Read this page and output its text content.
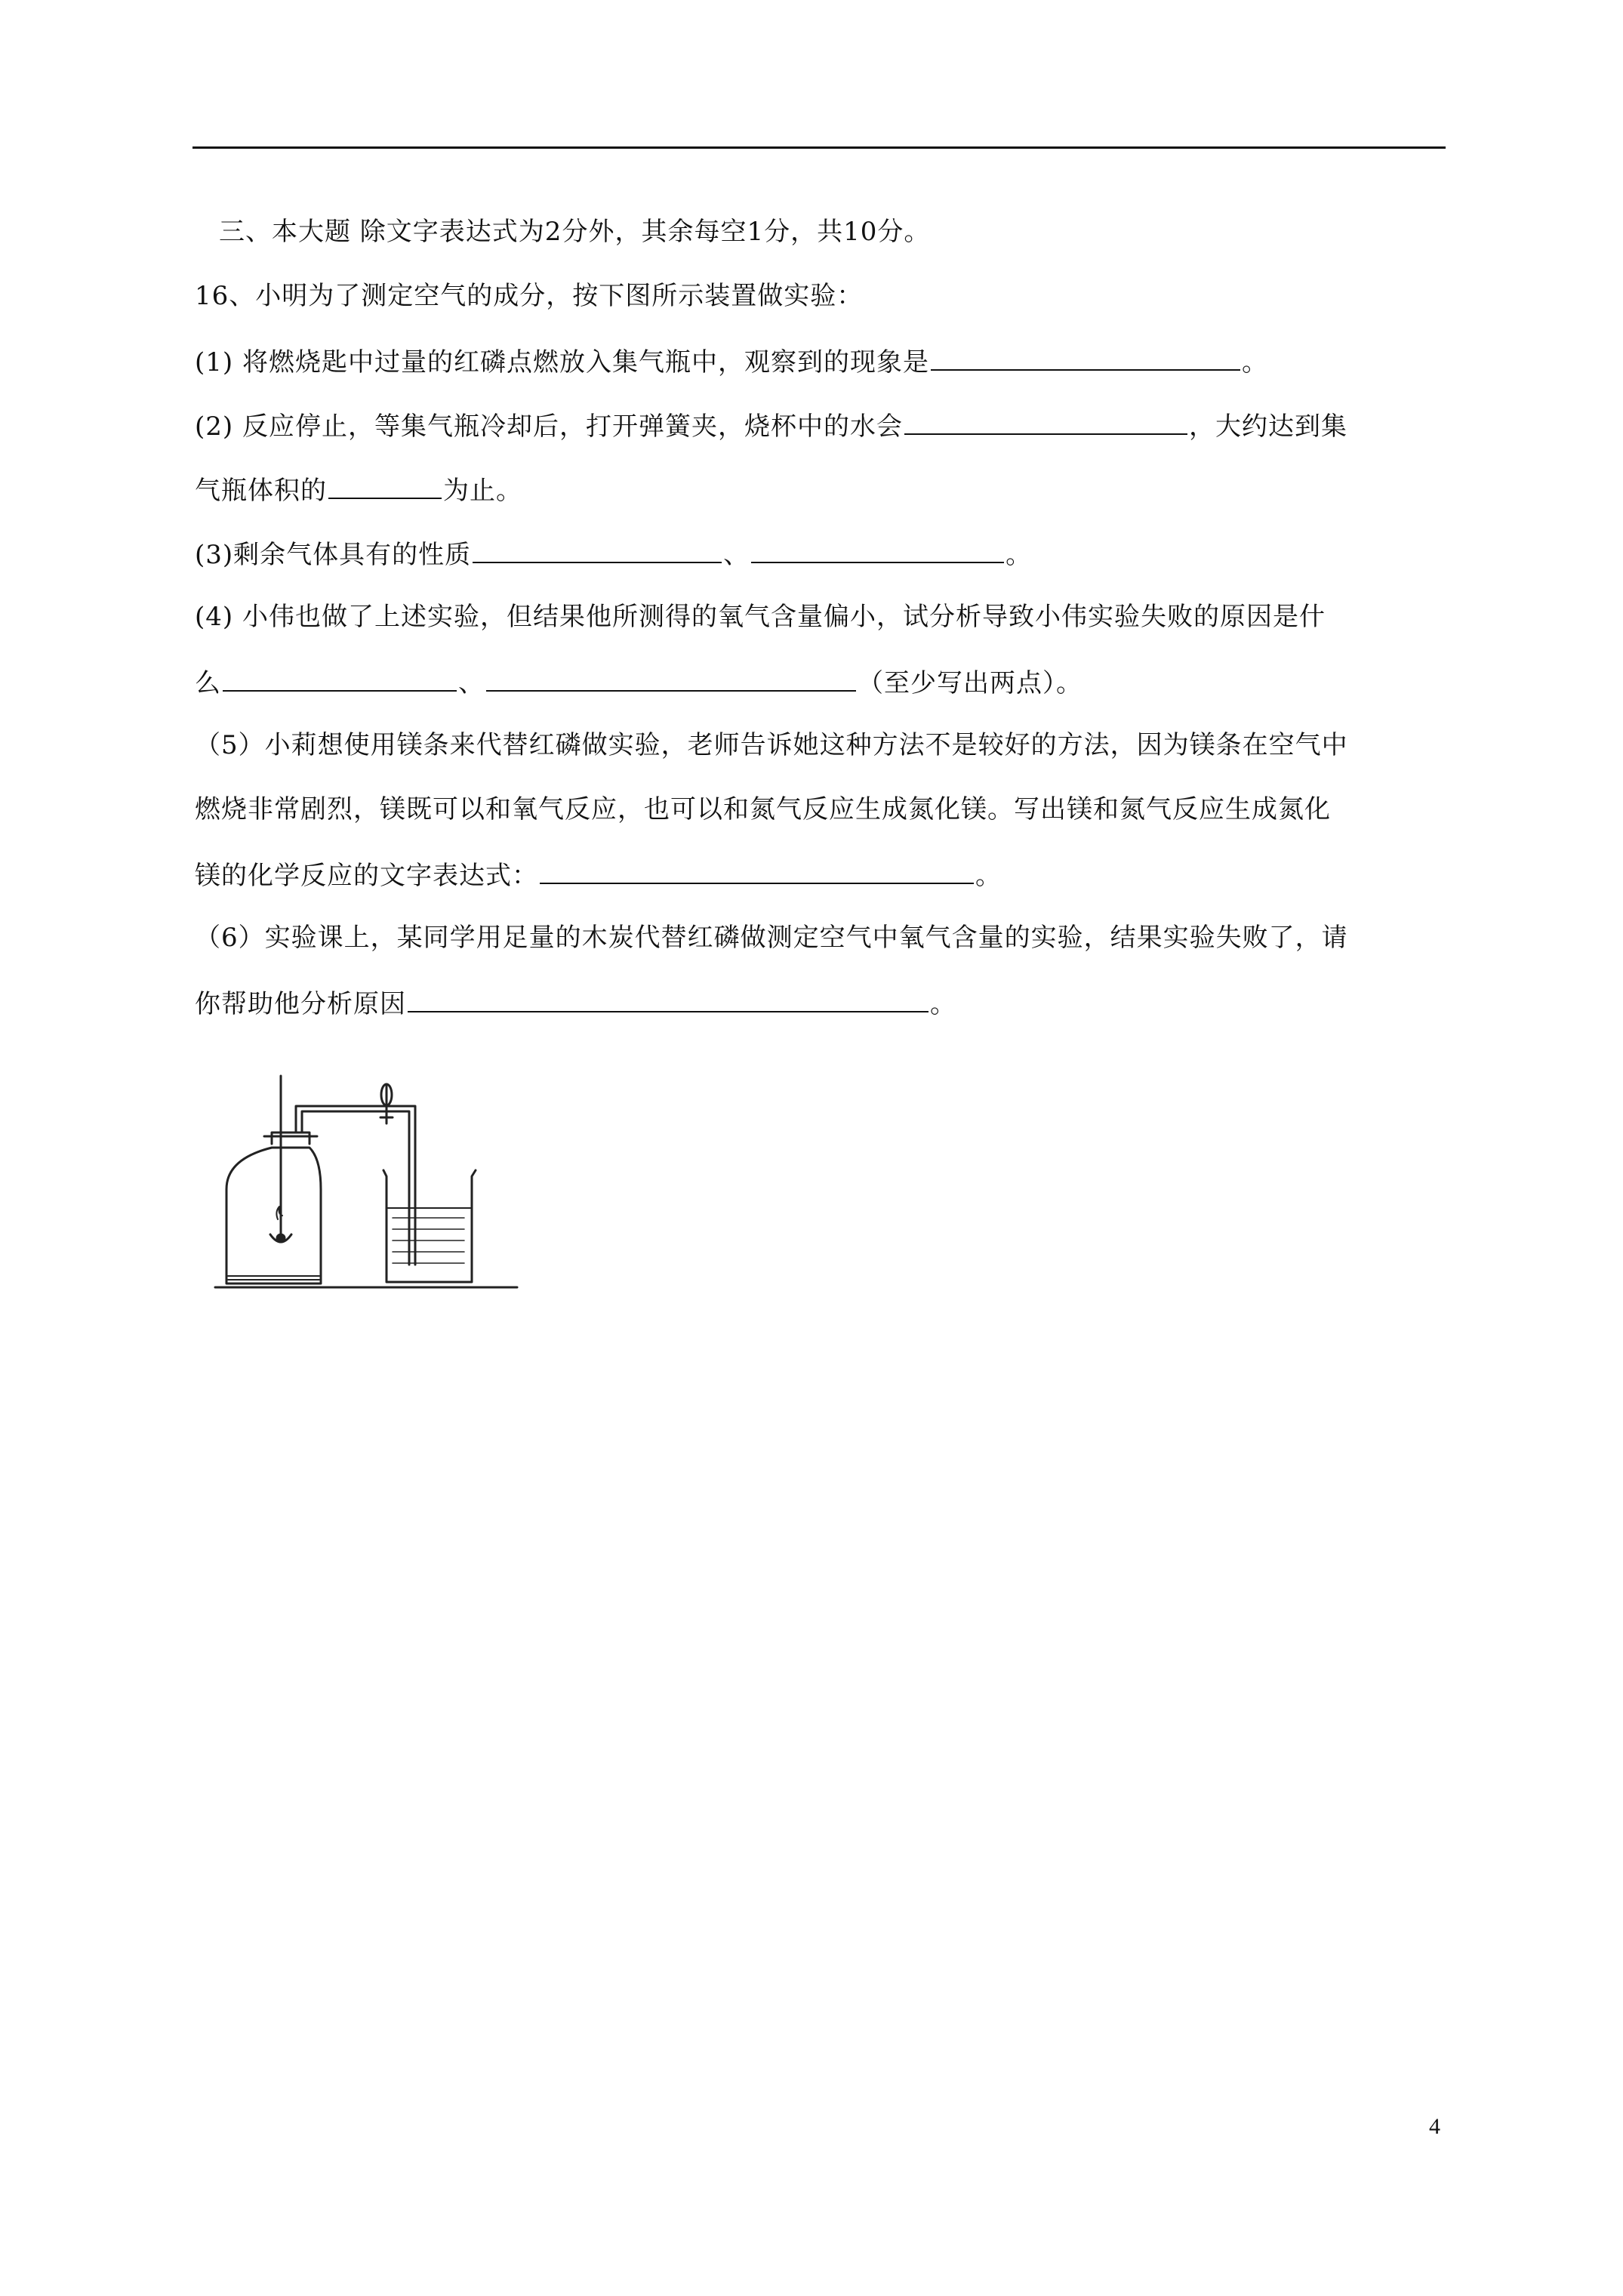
三、本大题 除文字表达式为2分外，其余每空1分，共10分。
16、小明为了测定空气的成分，按下图所示装置做实验：
(1) 将燃烧匙中过量的红磷点燃放入集气瓶中，观察到的现象是	。
(2) 反应停止，等集气瓶冷却后，打开弹簧夹，烧杯中的水会	，大约达到集
气瓶体积的	为止。
(3)剩余气体具有的性质	、	。
(4) 小伟也做了上述实验，但结果他所测得的氧气含量偏小，试分析导致小伟实验失败的原因是什
么	、	（至少写出两点）。
（5）小莉想使用镁条来代替红磷做实验，老师告诉她这种方法不是较好的方法，因为镁条在空气中
燃烧非常剧烈，镁既可以和氧气反应，也可以和氮气反应生成氮化镁。写出镁和氮气反应生成氮化
镁的化学反应的文字表达式：	。
（6）实验课上，某同学用足量的木炭代替红磷做测定空气中氧气含量的实验，结果实验失败了，请
你帮助他分析原因	。
4
